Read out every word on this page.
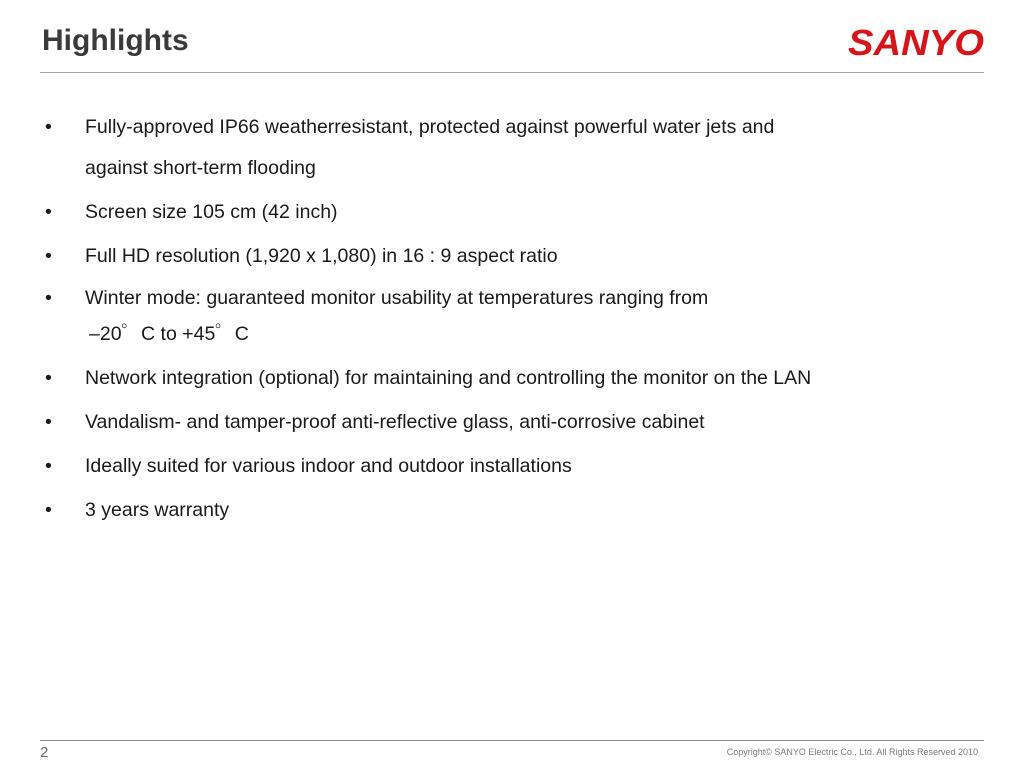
Highlights	SANYO
• Fully-approved IP66 weatherresistant, protected against powerful water jets and
against short-term flooding
• Screen size 105 cm (42 inch)
• Full HD resolution (1,920 x 1,080) in 16 : 9 aspect ratio
• Winter mode: guaranteed monitor usability at temperatures ranging from
–20゜C to +45゜C
• Network integration (optional) for maintaining and controlling the monitor on the LAN
• Vandalism- and tamper-proof anti-reflective glass, anti-corrosive cabinet
• Ideally suited for various indoor and outdoor installations
• 3 years warranty
2	Copyright© SANYO Electric Co., Ltd. All Rights Reserved 2010
